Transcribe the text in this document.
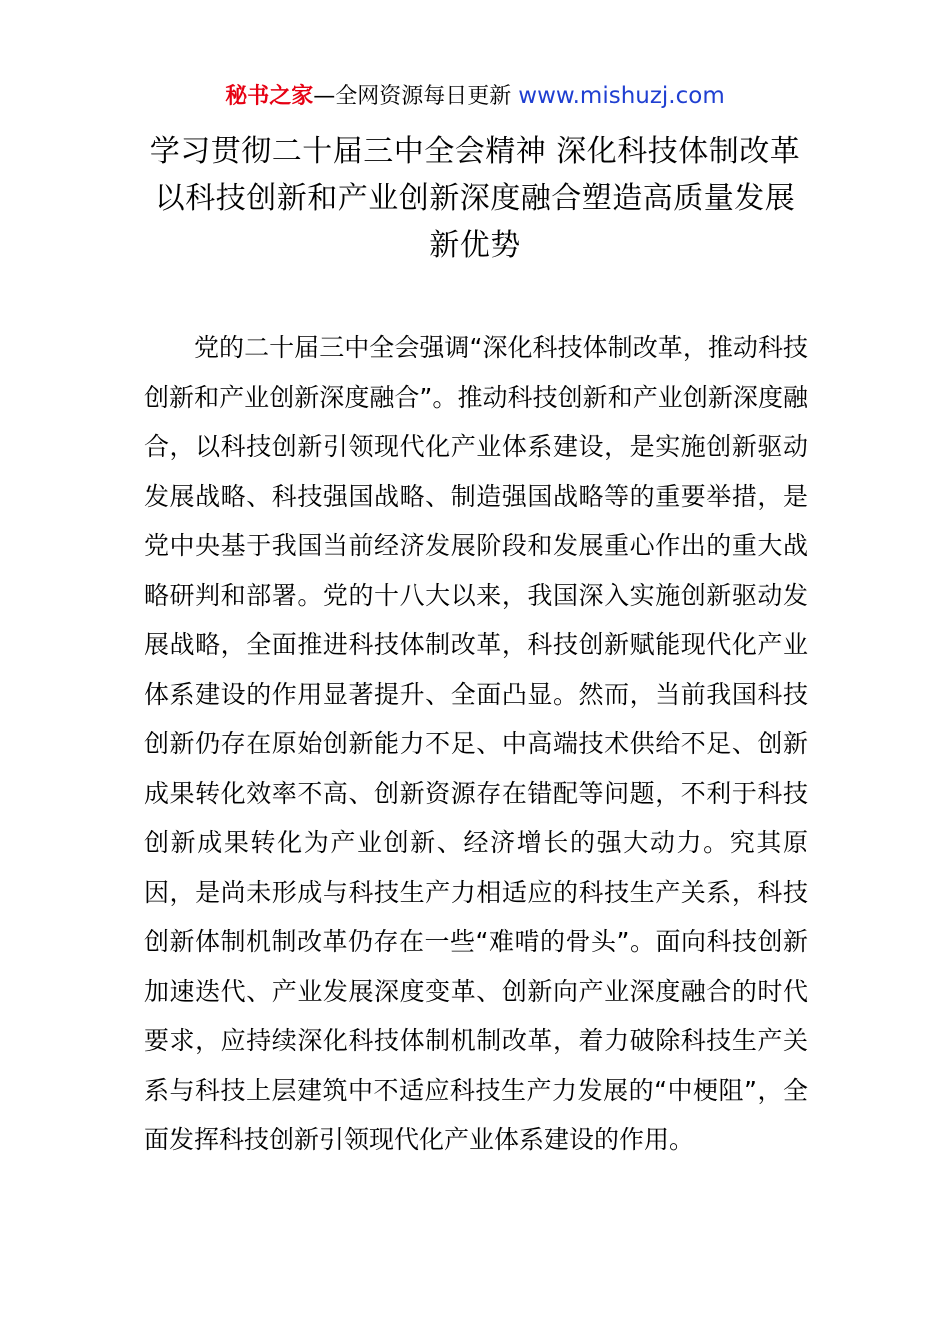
秘书之家—全网资源每日更新 www.mishuzj.com
学习贯彻二十届三中全会精神 深化科技体制改革 以科技创新和产业创新深度融合塑造高质量发展新优势

党的二十届三中全会强调“深化科技体制改革，推动科技创新和产业创新深度融合”。推动科技创新和产业创新深度融合，以科技创新引领现代化产业体系建设，是实施创新驱动发展战略、科技强国战略、制造强国战略等的重要举措，是党中央基于我国当前经济发展阶段和发展重心作出的重大战略研判和部署。党的十八大以来，我国深入实施创新驱动发展战略，全面推进科技体制改革，科技创新赋能现代化产业体系建设的作用显著提升、全面凸显。然而，当前我国科技创新仍存在原始创新能力不足、中高端技术供给不足、创新成果转化效率不高、创新资源存在错配等问题，不利于科技创新成果转化为产业创新、经济增长的强大动力。究其原因，是尚未形成与科技生产力相适应的科技生产关系，科技创新体制机制改革仍存在一些“难啃的骨头”。面向科技创新加速迭代、产业发展深度变革、创新向产业深度融合的时代要求，应持续深化科技体制机制改革，着力破除科技生产关系与科技上层建筑中不适应科技生产力发展的“中梗阻”，全面发挥科技创新引领现代化产业体系建设的作用。
